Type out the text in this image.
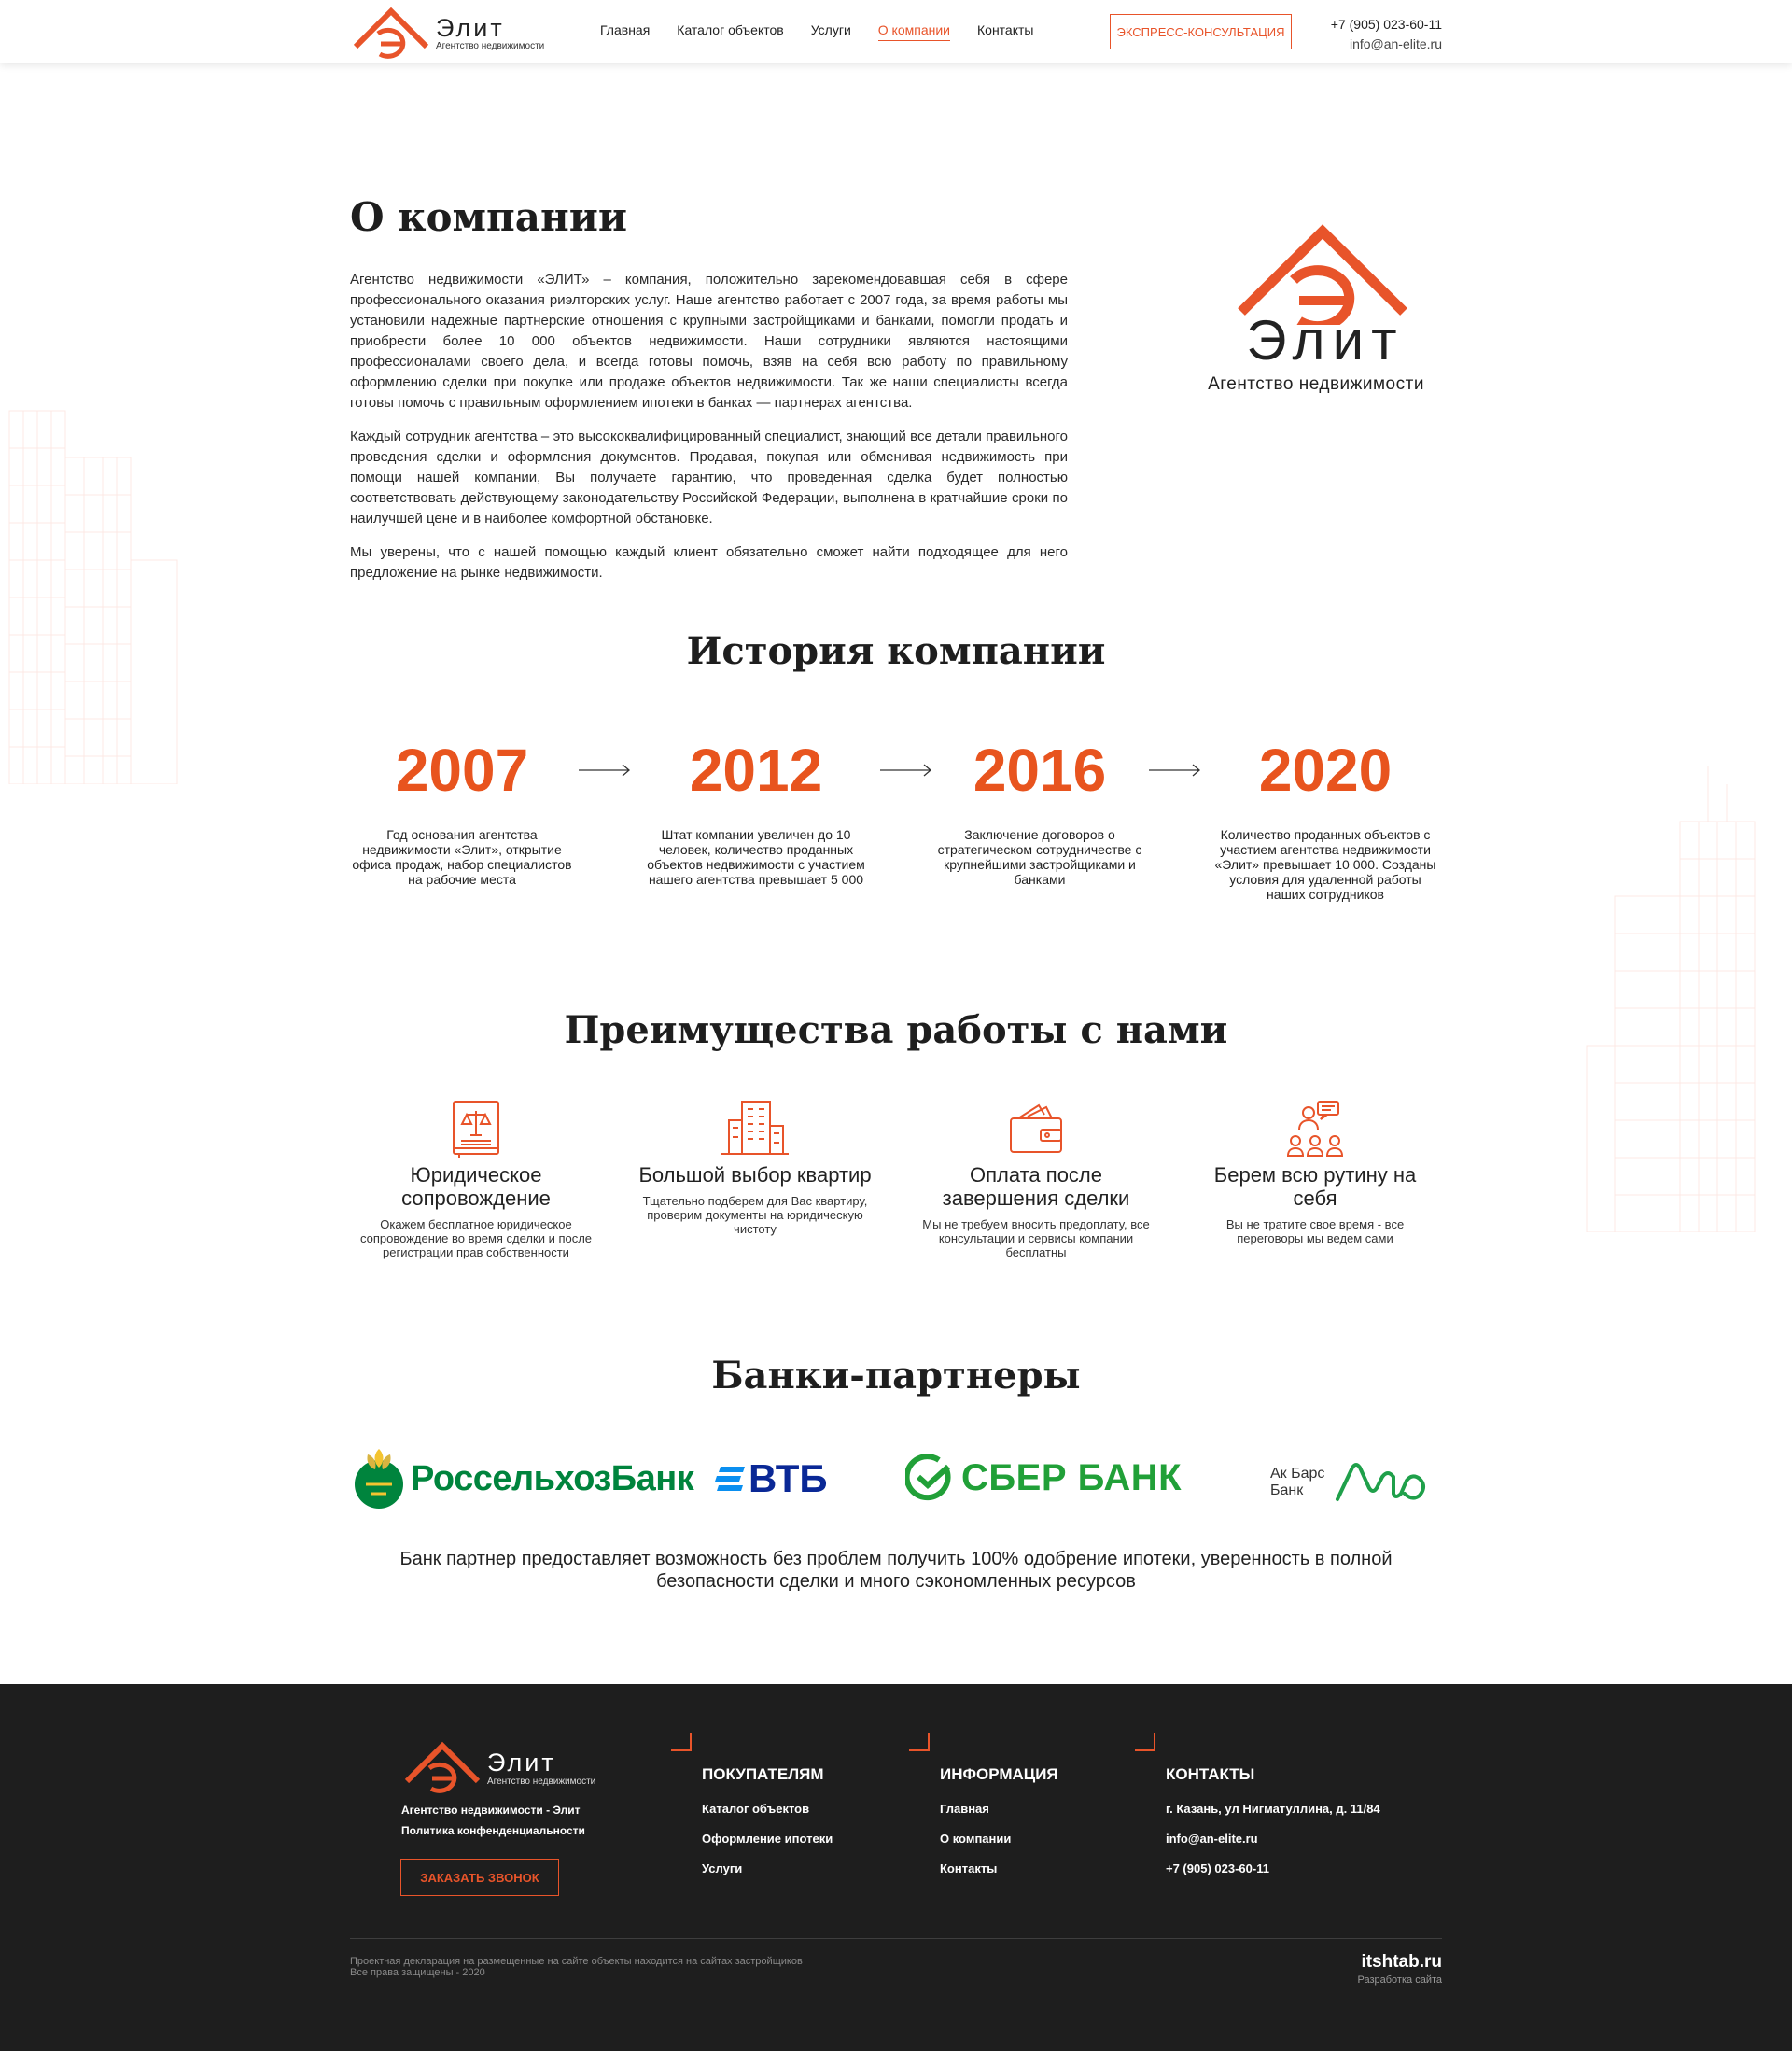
Элит
Агентство недвижимости
Главная Каталог объектов Услуги О компании Контакты	ЭКСПРЕСС-КОНСУЛЬТАЦИЯ	+7 (905) 023-60-11
info@an-elite.ru
О компании

Агентство недвижимости «ЭЛИТ» – компания, положительно зарекомендовавшая себя в сфере профессионального оказания риэлторских услуг. Наше агентство работает с 2007 года, за время работы мы установили надежные партнерские отношения с крупными застройщиками и банками, помогли продать и приобрести более 10 000 объектов недвижимости. Наши сотрудники являются настоящими профессионалами своего дела, и всегда готовы помочь, взяв на себя всю работу по правильному оформлению сделки при покупке или продаже объектов недвижимости. Так же наши специалисты всегда готовы помочь с правильным оформлением ипотеки в банках — партнерах агентства.

Каждый сотрудник агентства – это высококвалифицированный специалист, знающий все детали правильного проведения сделки и оформления документов. Продавая, покупая или обменивая недвижимость при помощи нашей компании, Вы получаете гарантию, что проведенная сделка будет полностью соответствовать действующему законодательству Российской Федерации, выполнена в кратчайшие сроки по наилучшей цене и в наиболее комфортной обстановке.

Мы уверены, что с нашей помощью каждый клиент обязательно сможет найти подходящее для него предложение на рынке недвижимости.

Элит
Агентство недвижимости
История компании
2007
Год основания агентства недвижимости «Элит», открытие офиса продаж, набор специалистов на рабочие места
2012
Штат компании увеличен до 10 человек, количество проданных объектов недвижимости с участием нашего агентства превышает 5 000
2016
Заключение договоров о стратегическом сотрудничестве с крупнейшими застройщиками и банками
2020
Количество проданных объектов с участием агентства недвижимости «Элит» превышает 10 000. Созданы условия для удаленной работы наших сотрудников
Преимущества работы с нами
Юридическое сопровождение
Окажем бесплатное юридическое сопровождение во время сделки и после регистрации прав собственности
Большой выбор квартир
Тщательно подберем для Вас квартиру, проверим документы на юридическую чистоту
Оплата после завершения сделки
Мы не требуем вносить предоплату, все консультации и сервисы компании бесплатны
Берем всю рутину на себя
Вы не тратите свое время - все переговоры мы ведем сами
Банки-партнеры
РоссельхозБанк ВТБ	СБЕР БАНК	Ак Барс
Банк
Банк партнер предоставляет возможность без проблем получить 100% одобрение ипотеки, уверенность в полной безопасности сделки и много сэкономленных ресурсов
Элит
Агентство недвижимости
Агентство недвижимости - Элит
Политика конфенденциальности
ЗАКАЗАТЬ ЗВОНОК
ПОКУПАТЕЛЯМ
Каталог объектов
Оформление ипотеки
Услуги
ИНФОРМАЦИЯ
Главная
О компании
Контакты
КОНТАКТЫ
г. Казань, ул Нигматуллина, д. 11/84
info@an-elite.ru
+7 (905) 023-60-11
Проектная декларация на размещенные на сайте объекты находится на сайтах застройщиков
Все права защищены - 2020
itshtab.ru
Разработка сайта
